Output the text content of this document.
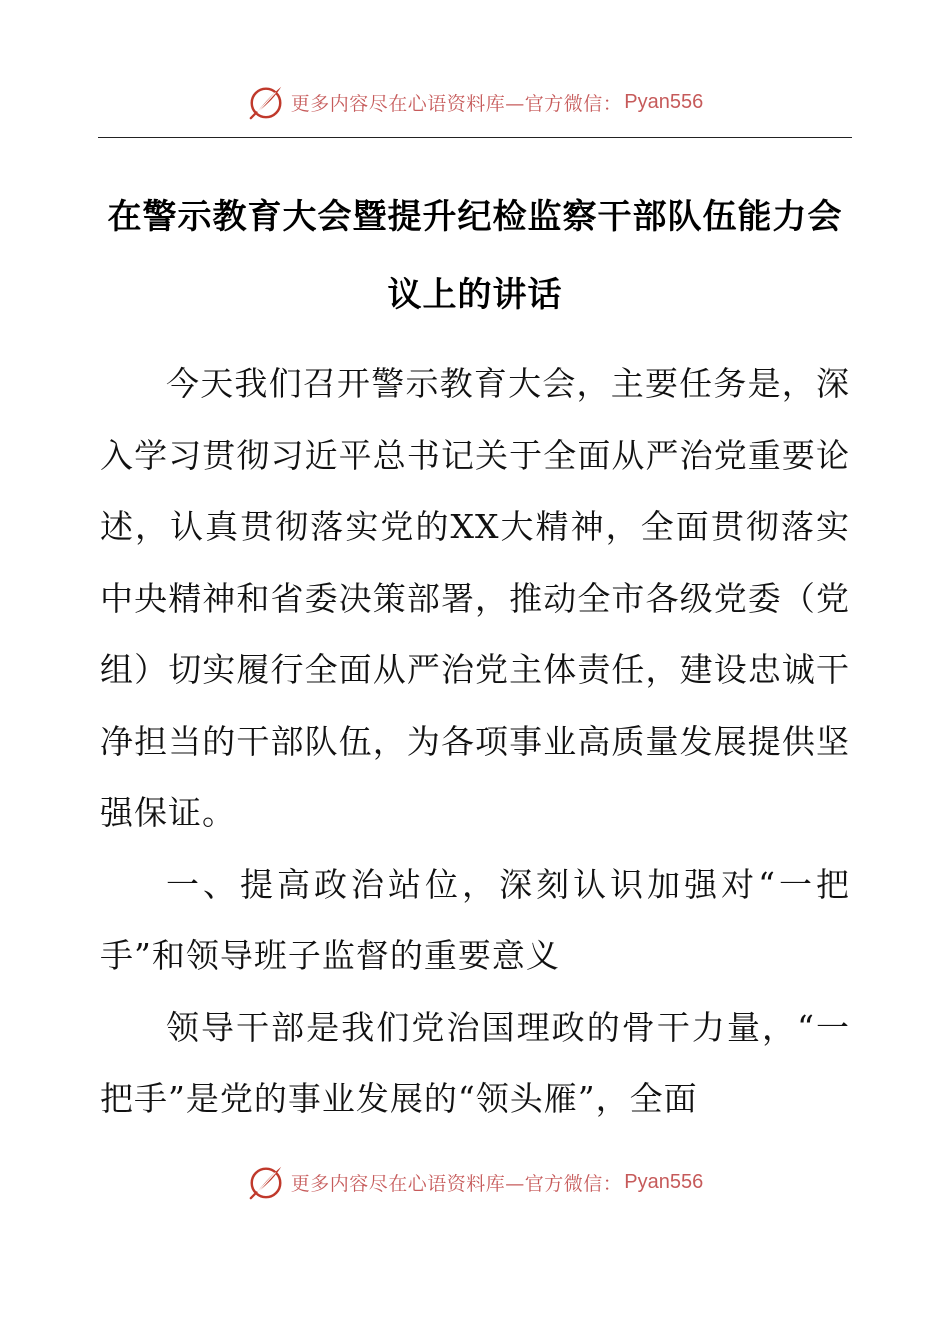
更多内容尽在心语资料库—官方微信： Pyan556
在警示教育大会暨提升纪检监察干部队伍能力会议上的讲话

今天我们召开警示教育大会，主要任务是，深入学习贯彻习近平总书记关于全面从严治党重要论述，认真贯彻落实党的XX大精神，全面贯彻落实中央精神和省委决策部署，推动全市各级党委（党组）切实履行全面从严治党主体责任，建设忠诚干净担当的干部队伍，为各项事业高质量发展提供坚强保证。

一、提高政治站位，深刻认识加强对“一把手”和领导班子监督的重要意义

领导干部是我们党治国理政的骨干力量，“一把手”是党的事业发展的“领头雁”，全面

更多内容尽在心语资料库—官方微信： Pyan556
